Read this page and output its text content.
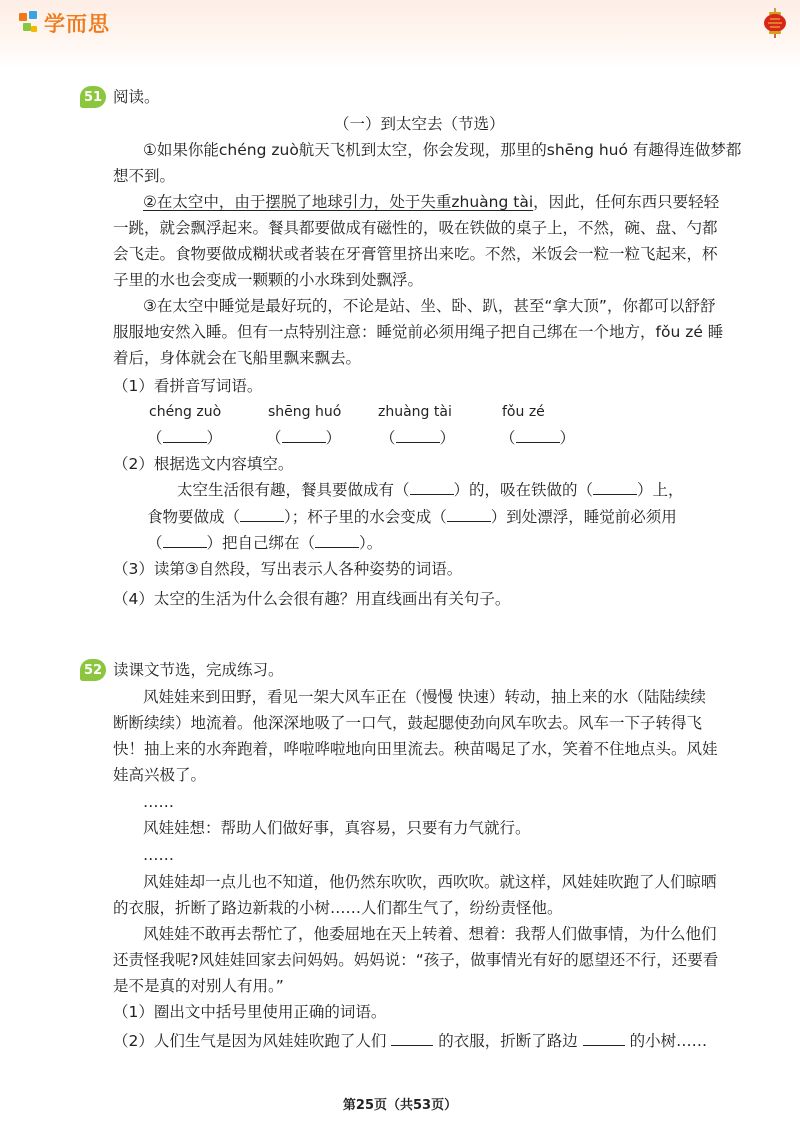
学而思
51 阅读。
（一）到太空去（节选）
①如果你能chéng zuò航天飞机到太空，你会发现，那里的shēng huó 有趣得连做梦都
想不到。
②在太空中，由于摆脱了地球引力，处于失重zhuàng tài，因此，任何东西只要轻轻
一跳，就会飘浮起来。餐具都要做成有磁性的，吸在铁做的桌子上，不然，碗、盘、勺都
会飞走。食物要做成糊状或者装在牙膏管里挤出来吃。不然，米饭会一粒一粒飞起来，杯
子里的水也会变成一颗颗的小水珠到处飘浮。
③在太空中睡觉是最好玩的，不论是站、坐、卧、趴，甚至“拿大顶”，你都可以舒舒
服服地安然入睡。但有一点特别注意：睡觉前必须用绳子把自己绑在一个地方，fǒu zé 睡
着后，身体就会在飞船里飘来飘去。
（1）看拼音写词语。
chéng zuò	shēng huó	zhuàng tài	fǒu zé
（	）	（	）	（	）	（	）
（2）根据选文内容填空。
太空生活很有趣，餐具要做成有（	）的，吸在铁做的（	）上，
食物要做成（	）；杯子里的水会变成（	）到处漂浮，睡觉前必须用
（	）把自己绑在（	）。
（3）读第③自然段，写出表示人各种姿势的词语。
（4）太空的生活为什么会很有趣？用直线画出有关句子。
52 读课文节选，完成练习。
风娃娃来到田野，看见一架大风车正在（慢慢 快速）转动，抽上来的水（陆陆续续
断断续续）地流着。他深深地吸了一口气，鼓起腮使劲向风车吹去。风车一下子转得飞
快！抽上来的水奔跑着，哗啦哗啦地向田里流去。秧苗喝足了水，笑着不住地点头。风娃
娃高兴极了。
……
风娃娃想：帮助人们做好事，真容易，只要有力气就行。
……
风娃娃却一点儿也不知道，他仍然东吹吹，西吹吹。就这样，风娃娃吹跑了人们晾晒
的衣服，折断了路边新栽的小树……人们都生气了，纷纷责怪他。
风娃娃不敢再去帮忙了，他委屈地在天上转着、想着：我帮人们做事情，为什么他们
还责怪我呢?风娃娃回家去问妈妈。妈妈说：“孩子，做事情光有好的愿望还不行，还要看
是不是真的对别人有用。”
（1）圈出文中括号里使用正确的词语。
（2）人们生气是因为风娃娃吹跑了人们	的衣服，折断了路边	的小树……
第25页（共53页）
